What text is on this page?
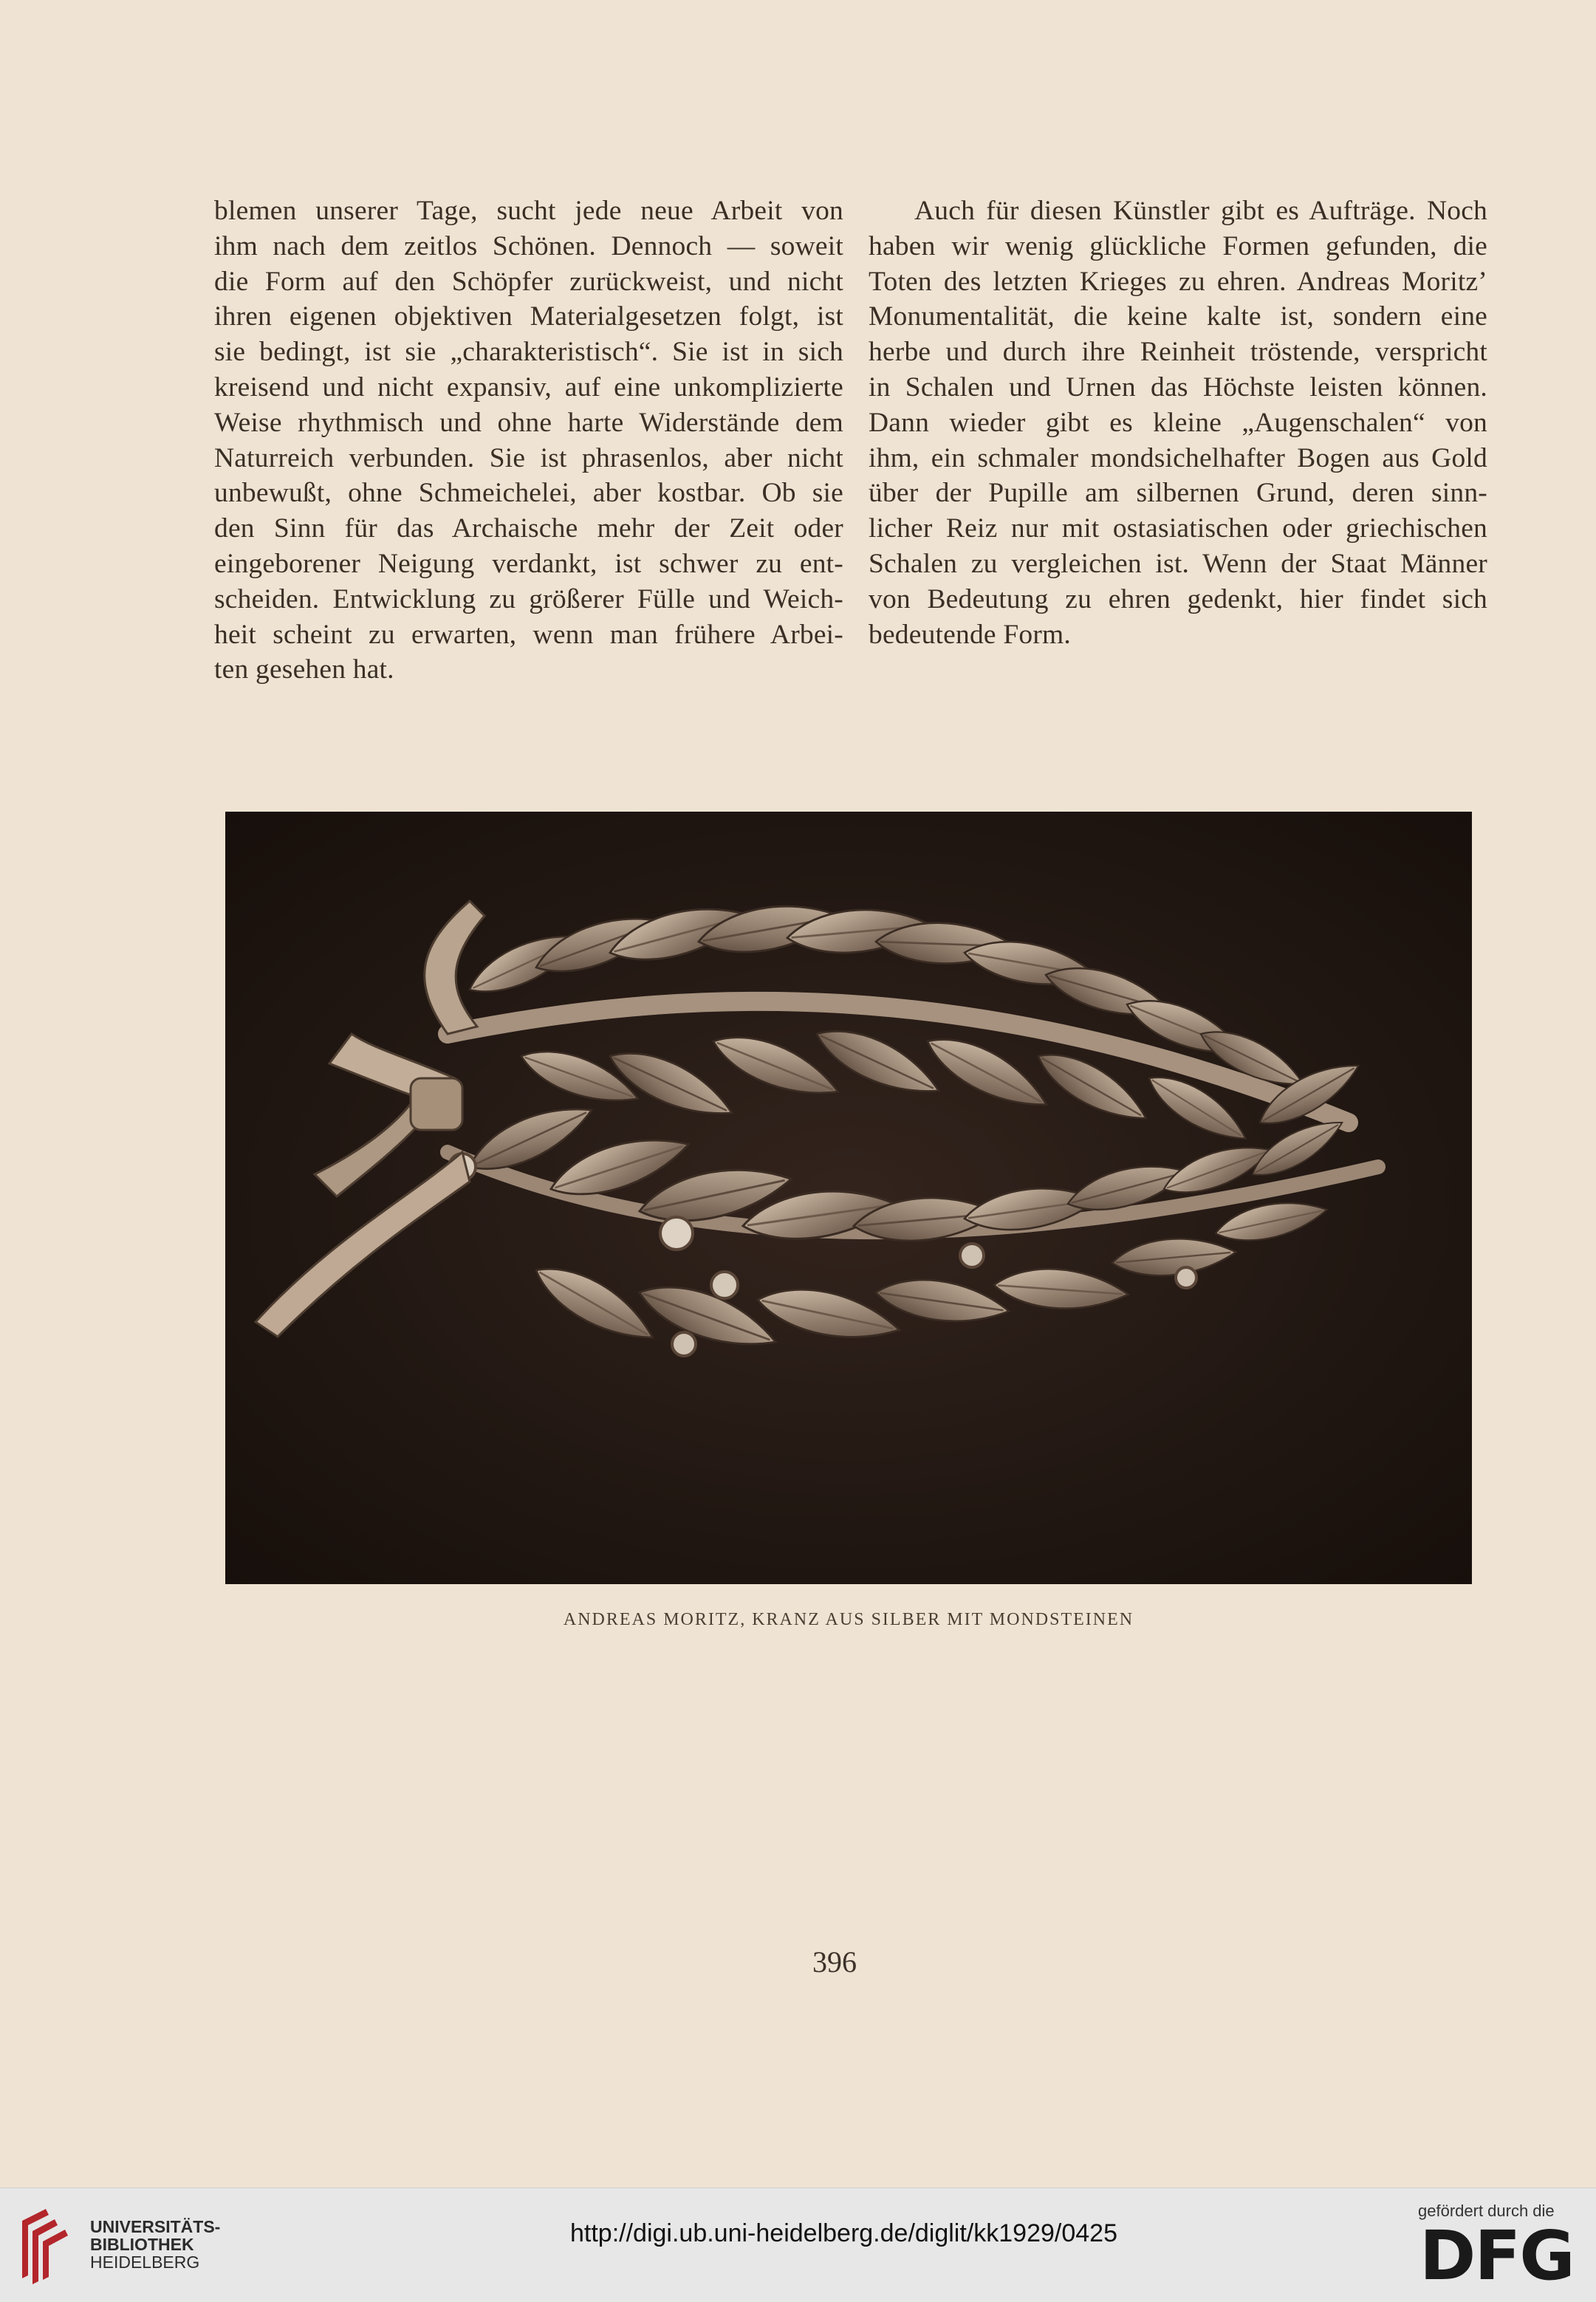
blemen unserer Tage, sucht jede neue Arbeit von
ihm nach dem zeitlos Schönen. Dennoch — soweit
die Form auf den Schöpfer zurückweist, und nicht
ihren eigenen objektiven Materialgesetzen folgt, ist
sie bedingt, ist sie „charakteristisch“. Sie ist in sich
kreisend und nicht expansiv, auf eine unkomplizierte
Weise rhythmisch und ohne harte Widerstände dem
Naturreich verbunden. Sie ist phrasenlos, aber nicht
unbewußt, ohne Schmeichelei, aber kostbar. Ob sie
den Sinn für das Archaische mehr der Zeit oder
eingeborener Neigung verdankt, ist schwer zu ent-
scheiden. Entwicklung zu größerer Fülle und Weich-
heit scheint zu erwarten, wenn man frühere Arbei-
ten gesehen hat.
Auch für diesen Künstler gibt es Aufträge. Noch
haben wir wenig glückliche Formen gefunden, die
Toten des letzten Krieges zu ehren. Andreas Moritz’
Monumentalität, die keine kalte ist, sondern eine
herbe und durch ihre Reinheit tröstende, verspricht
in Schalen und Urnen das Höchste leisten können.
Dann wieder gibt es kleine „Augenschalen“ von
ihm, ein schmaler mondsichelhafter Bogen aus Gold
über der Pupille am silbernen Grund, deren sinn-
licher Reiz nur mit ostasiatischen oder griechischen
Schalen zu vergleichen ist. Wenn der Staat Männer
von Bedeutung zu ehren gedenkt, hier findet sich
bedeutende Form.
ANDREAS MORITZ, KRANZ AUS SILBER MIT MONDSTEINEN
396
UNIVERSITÄTS-
BIBLIOTHEK
HEIDELBERG
http://digi.ub.uni-heidelberg.de/diglit/kk1929/0425
gefördert durch die
DFG
